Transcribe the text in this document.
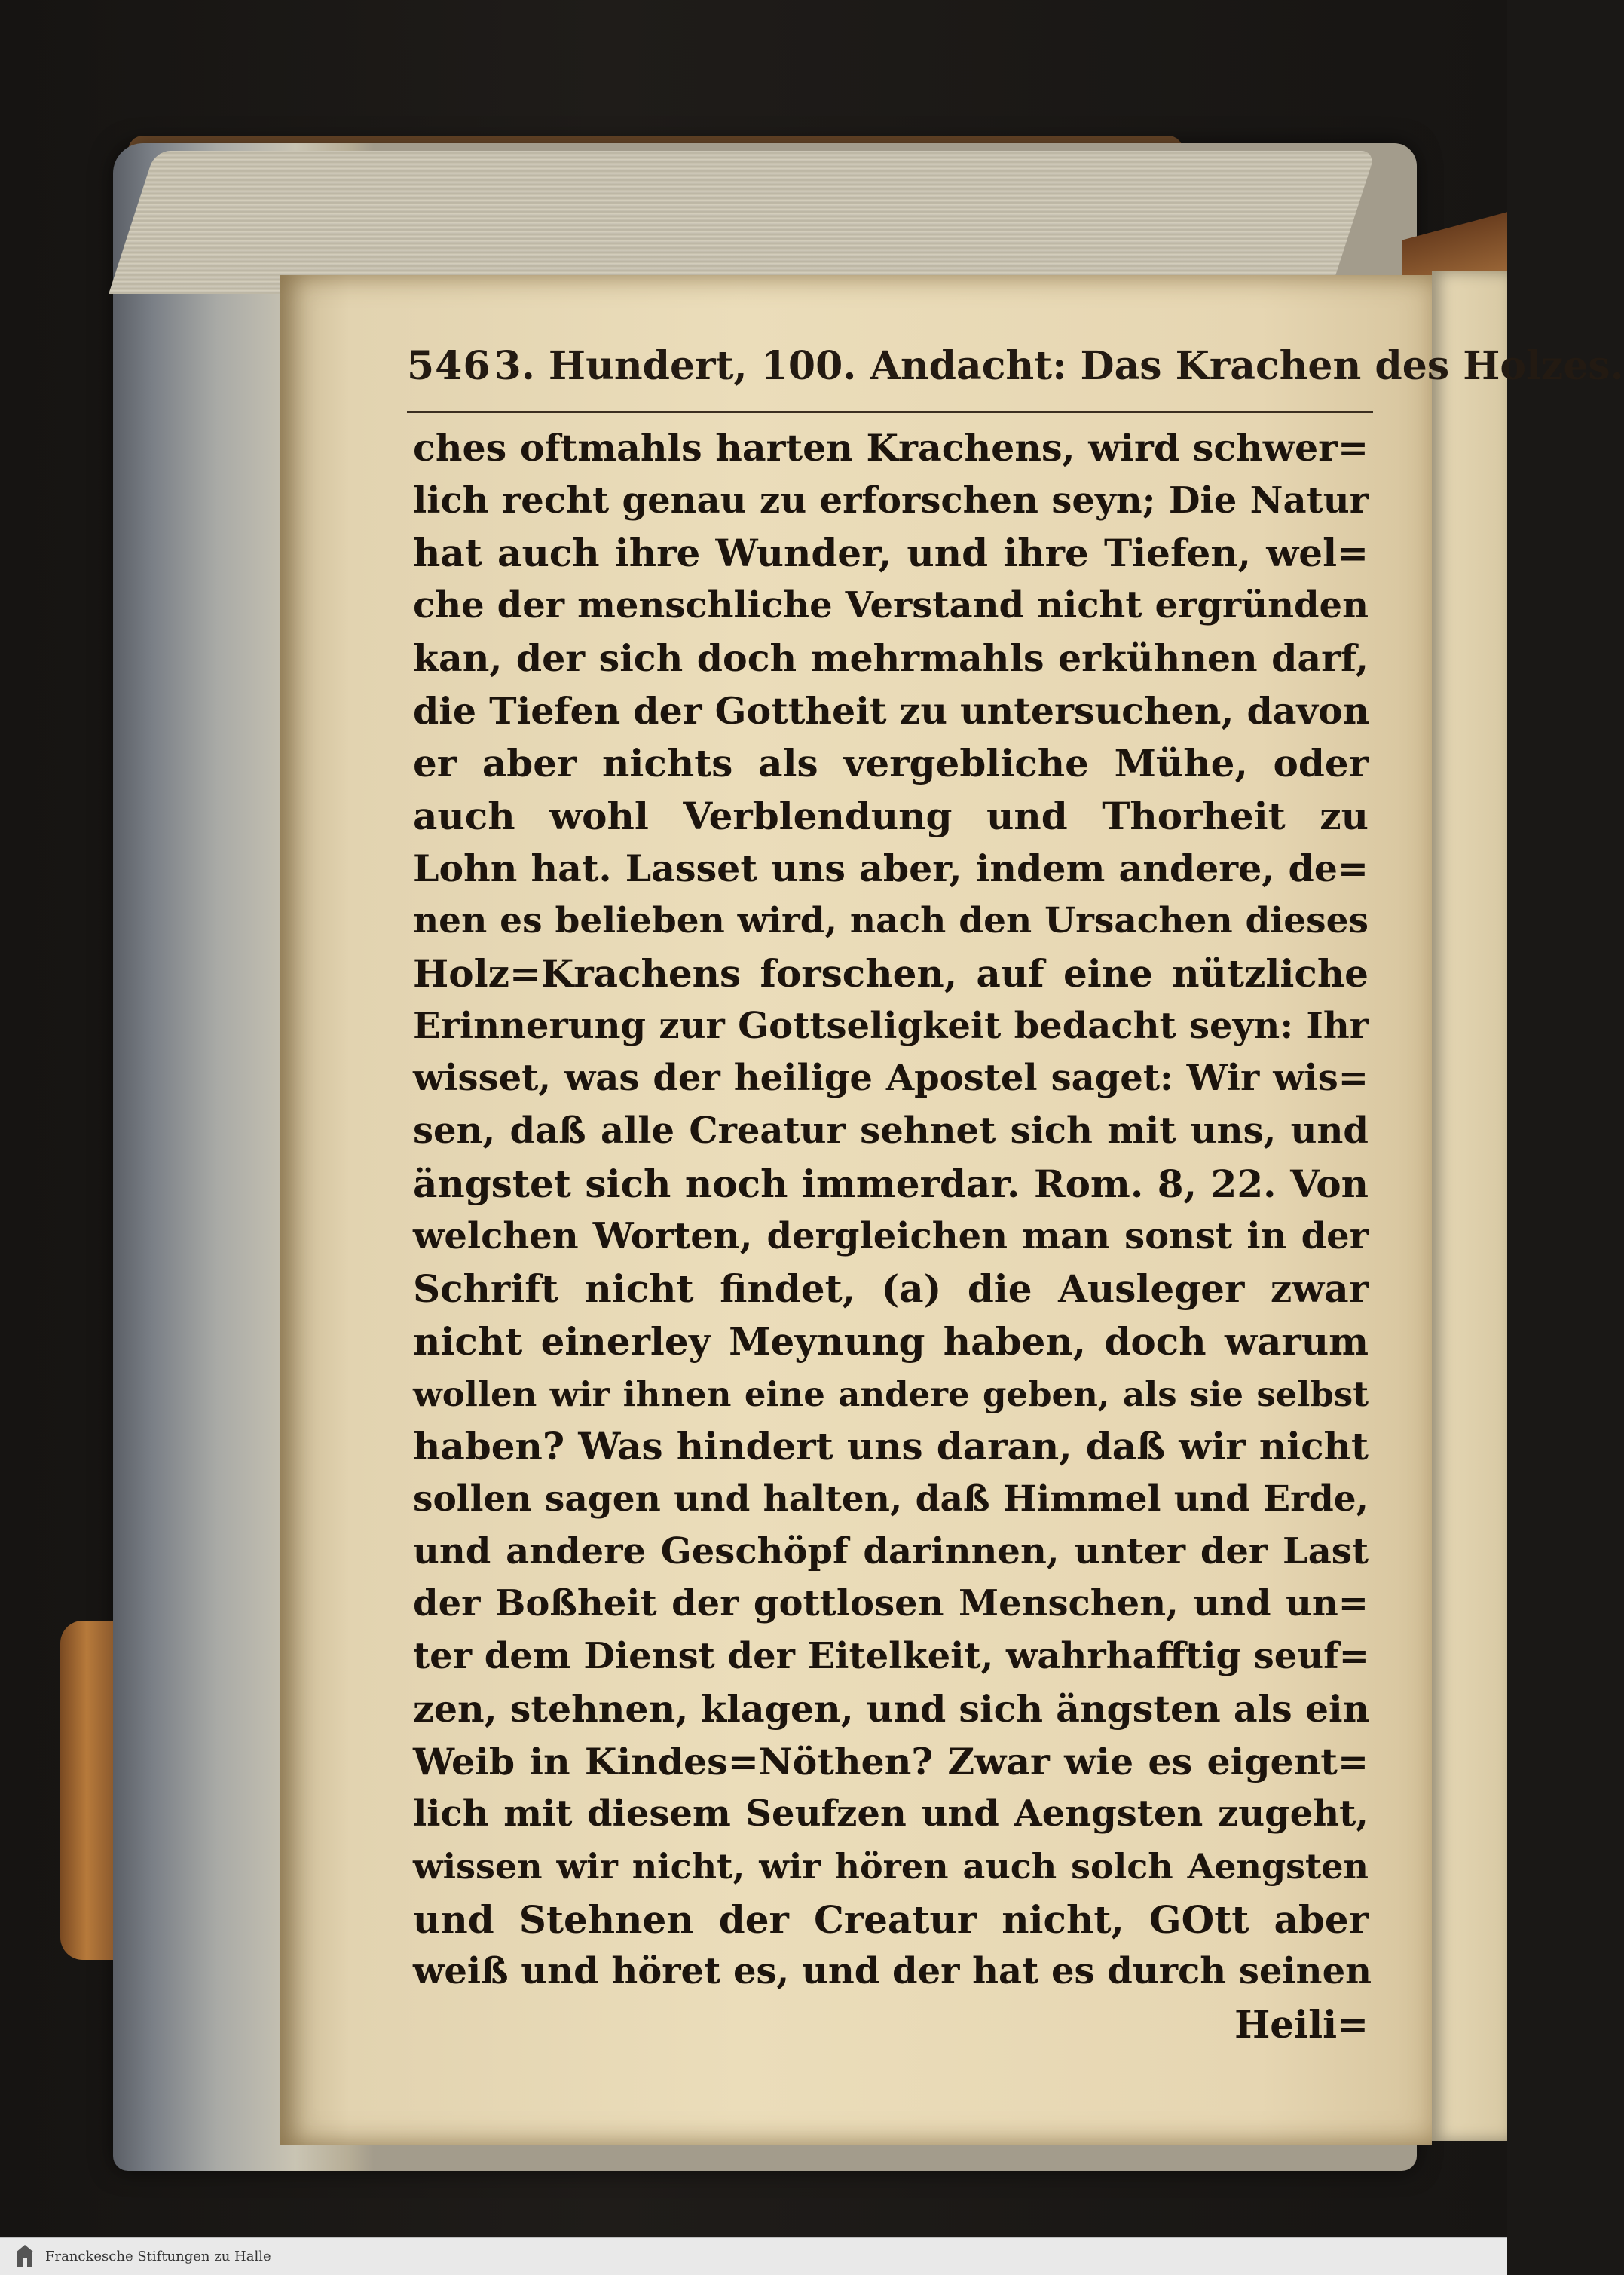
546 3. Hundert, 100. Andacht: Das Krachen des Holzes.
ches oftmahls harten Krachens, wird schwer=
lich recht genau zu erforschen seyn; Die Natur
hat auch ihre Wunder, und ihre Tiefen, wel=
che der menschliche Verstand nicht ergründen
kan, der sich doch mehrmahls erkühnen darf,
die Tiefen der Gottheit zu untersuchen, davon
er aber nichts als vergebliche Mühe, oder
auch wohl Verblendung und Thorheit zu
Lohn hat. Lasset uns aber, indem andere, de=
nen es belieben wird, nach den Ursachen dieses
Holz=Krachens forschen, auf eine nützliche
Erinnerung zur Gottseligkeit bedacht seyn: Ihr
wisset, was der heilige Apostel saget: Wir wis=
sen, daß alle Creatur sehnet sich mit uns, und
ängstet sich noch immerdar. Rom. 8, 22. Von
welchen Worten, dergleichen man sonst in der
Schrift nicht findet, (a) die Ausleger zwar
nicht einerley Meynung haben, doch warum
wollen wir ihnen eine andere geben, als sie selbst
haben? Was hindert uns daran, daß wir nicht
sollen sagen und halten, daß Himmel und Erde,
und andere Geschöpf darinnen, unter der Last
der Boßheit der gottlosen Menschen, und un=
ter dem Dienst der Eitelkeit, wahrhafftig seuf=
zen, stehnen, klagen, und sich ängsten als ein
Weib in Kindes=Nöthen? Zwar wie es eigent=
lich mit diesem Seufzen und Aengsten zugeht,
wissen wir nicht, wir hören auch solch Aengsten
und Stehnen der Creatur nicht, GOtt aber
weiß und höret es, und der hat es durch seinen
Heili=
Franckesche Stiftungen zu Halle
